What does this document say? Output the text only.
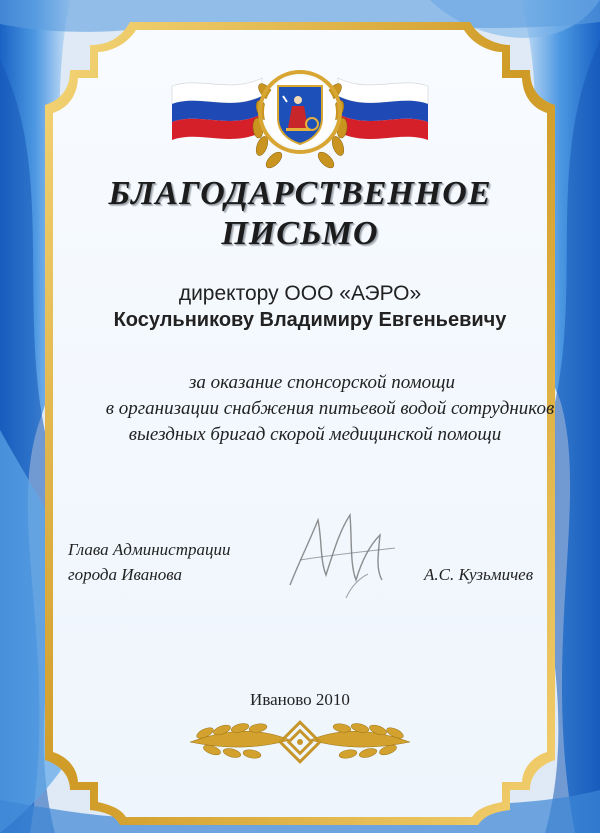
БЛАГОДАРСТВЕННОЕ
ПИСЬМО
директору ООО «АЭРО»
Косульникову Владимиру Евгеньевичу
за оказание спонсорской помощи
в организации снабжения питьевой водой сотрудников
выездных бригад скорой медицинской помощи
Глава Администрации
города Иванова	А.С. Кузьмичев
Иваново 2010
